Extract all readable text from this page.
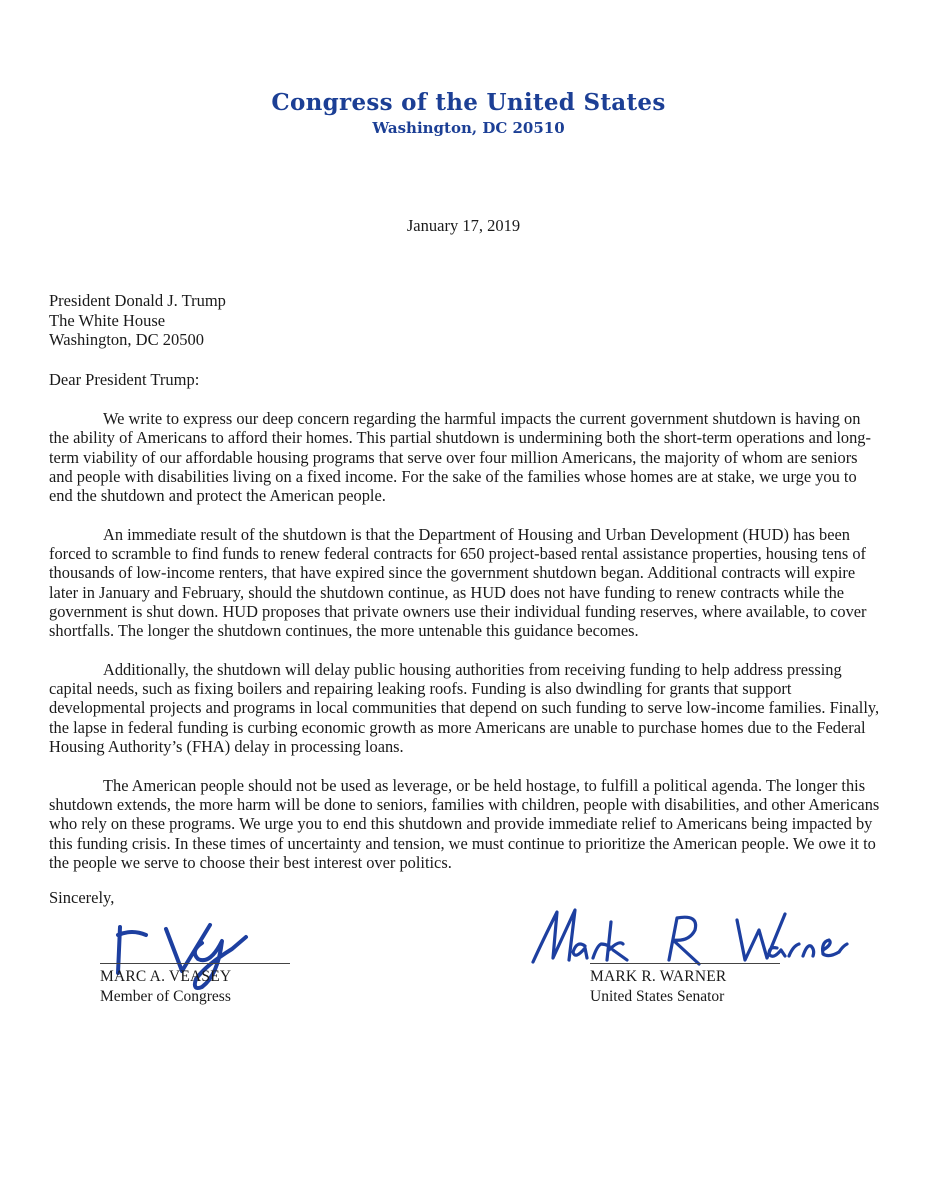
Congress of the United States
Washington, DC 20510
January 17, 2019
President Donald J. Trump
The White House
Washington, DC 20500
Dear President Trump:

We write to express our deep concern regarding the harmful impacts the current government shutdown is having on the ability of Americans to afford their homes. This partial shutdown is undermining both the short-term operations and long-term viability of our affordable housing programs that serve over four million Americans, the majority of whom are seniors and people with disabilities living on a fixed income. For the sake of the families whose homes are at stake, we urge you to end the shutdown and protect the American people.

An immediate result of the shutdown is that the Department of Housing and Urban Development (HUD) has been forced to scramble to find funds to renew federal contracts for 650 project-based rental assistance properties, housing tens of thousands of low-income renters, that have expired since the government shutdown began. Additional contracts will expire later in January and February, should the shutdown continue, as HUD does not have funding to renew contracts while the government is shut down. HUD proposes that private owners use their individual funding reserves, where available, to cover shortfalls. The longer the shutdown continues, the more untenable this guidance becomes.

Additionally, the shutdown will delay public housing authorities from receiving funding to help address pressing capital needs, such as fixing boilers and repairing leaking roofs. Funding is also dwindling for grants that support developmental projects and programs in local communities that depend on such funding to serve low-income families. Finally, the lapse in federal funding is curbing economic growth as more Americans are unable to purchase homes due to the Federal Housing Authority’s (FHA) delay in processing loans.

The American people should not be used as leverage, or be held hostage, to fulfill a political agenda. The longer this shutdown extends, the more harm will be done to seniors, families with children, people with disabilities, and other Americans who rely on these programs. We urge you to end this shutdown and provide immediate relief to Americans being impacted by this funding crisis. In these times of uncertainty and tension, we must continue to prioritize the American people. We owe it to the people we serve to choose their best interest over politics.

Sincerely,
MARC A. VEASEY
Member of Congress
MARK R. WARNER
United States Senator
